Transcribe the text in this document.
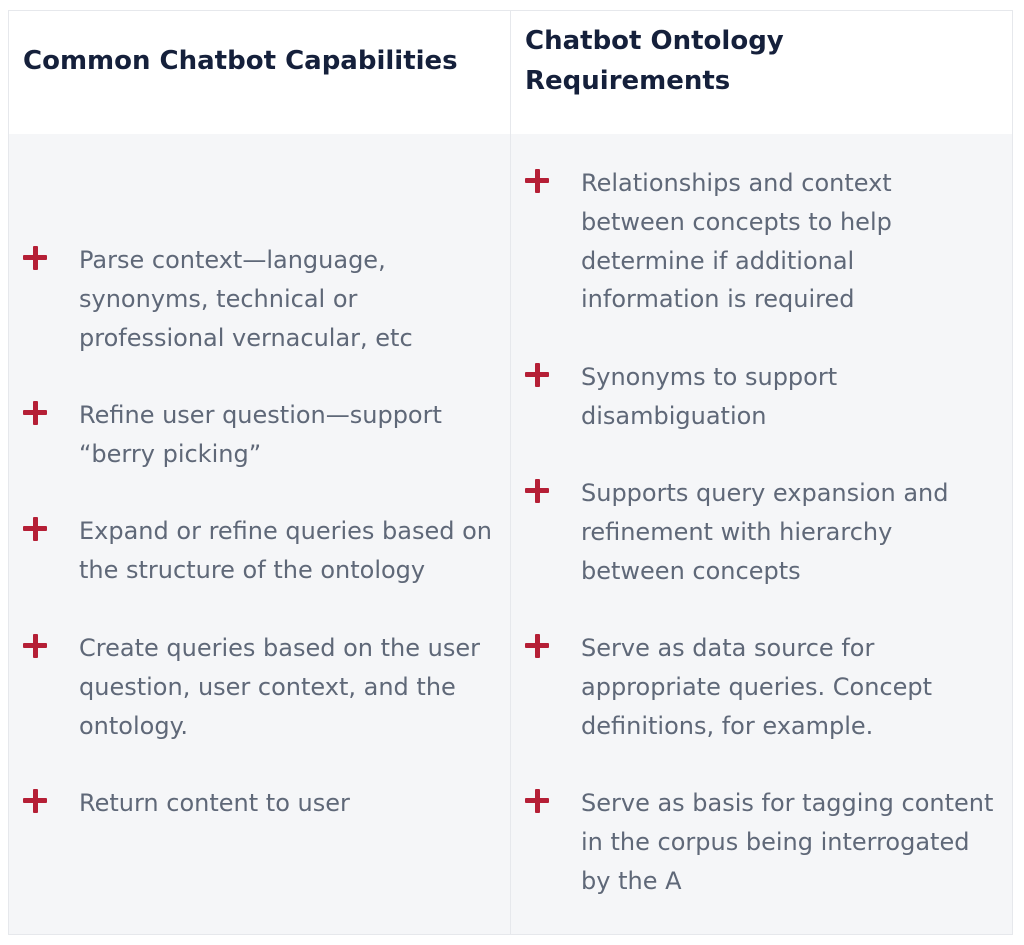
Common Chatbot Capabilities
Chatbot Ontology
Requirements
Parse context—language,
synonyms, technical or
professional vernacular, etc
Refine user question—support
“berry picking”
Expand or refine queries based on
the structure of the ontology
Create queries based on the user
question, user context, and the
ontology.
Return content to user
Relationships and context
between concepts to help
determine if additional
information is required
Synonyms to support
disambiguation
Supports query expansion and
refinement with hierarchy
between concepts
Serve as data source for
appropriate queries. Concept
definitions, for example.
Serve as basis for tagging content
in the corpus being interrogated
by the A
